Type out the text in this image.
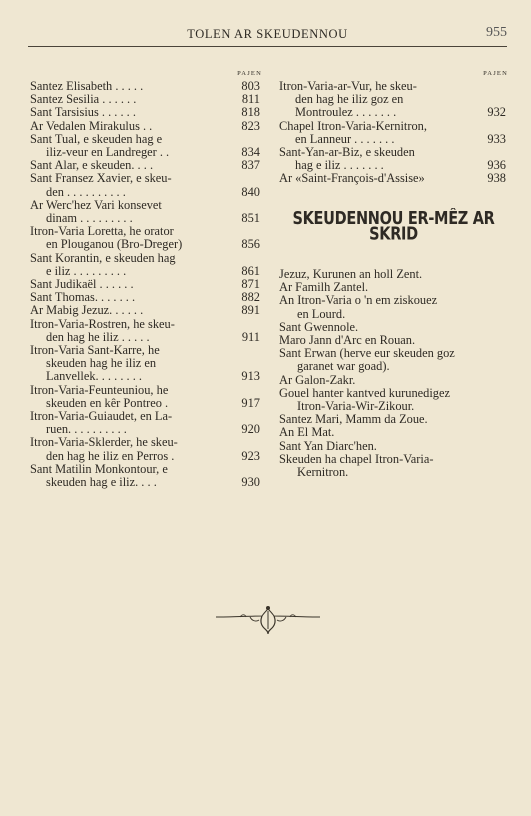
TOLEN AR SKEUDENNOU	955
PAJEN
Santez Elisabeth . . . . .	803
Santez Sesilia . . . . . .	811
Sant Tarsisius . . . . . .	818
Ar Vedalen Mirakulus . .	823
Sant Tual, e skeuden hag e
iliz-veur en Landreger . .	834
Sant Alar, e skeuden. . . .	837
Sant Fransez Xavier, e skeu-
den . . . . . . . . . .	840
Ar Werc'hez Vari konsevet
dinam . . . . . . . . .	851
Itron-Varia Loretta, he orator
en Plouganou (Bro-Dreger)	856
Sant Korantin, e skeuden hag
e iliz . . . . . . . . .	861
Sant Judikaël . . . . . .	871
Sant Thomas. . . . . . .	882
Ar Mabig Jezuz. . . . . .	891
Itron-Varia-Rostren, he skeu-
den hag he iliz . . . . .	911
Itron-Varia Sant-Karre, he
skeuden hag he iliz en
Lanvellek. . . . . . . .	913
Itron-Varia-Feunteuniou, he
skeuden en kêr Pontreo .	917
Itron-Varia-Guiaudet, en La-
ruen. . . . . . . . . .	920
Itron-Varia-Sklerder, he skeu-
den hag he iliz en Perros .	923
Sant Matilin Monkontour, e
skeuden hag e iliz. . . .	930
PAJEN
Itron-Varia-ar-Vur, he skeu-
den hag he iliz goz en
Montroulez . . . . . . .	932
Chapel Itron-Varia-Kernitron,
en Lanneur . . . . . . .	933
Sant-Yan-ar-Biz, e skeuden
hag e iliz . . . . . . .	936
Ar «Saint-François-d'Assise»	938
SKEUDENNOU ER-MÊZ AR SKRID
Jezuz, Kurunen an holl Zent.
Ar Familh Zantel.
An Itron-Varia o 'n em ziskouez
en Lourd.
Sant Gwennole.
Maro Jann d'Arc en Rouan.
Sant Erwan (herve eur skeuden goz
garanet war goad).
Ar Galon-Zakr.
Gouel hanter kantved kurunedigez
Itron-Varia-Wir-Zikour.
Santez Mari, Mamm da Zoue.
An El Mat.
Sant Yan Diarc'hen.
Skeuden ha chapel Itron-Varia-
Kernitron.
